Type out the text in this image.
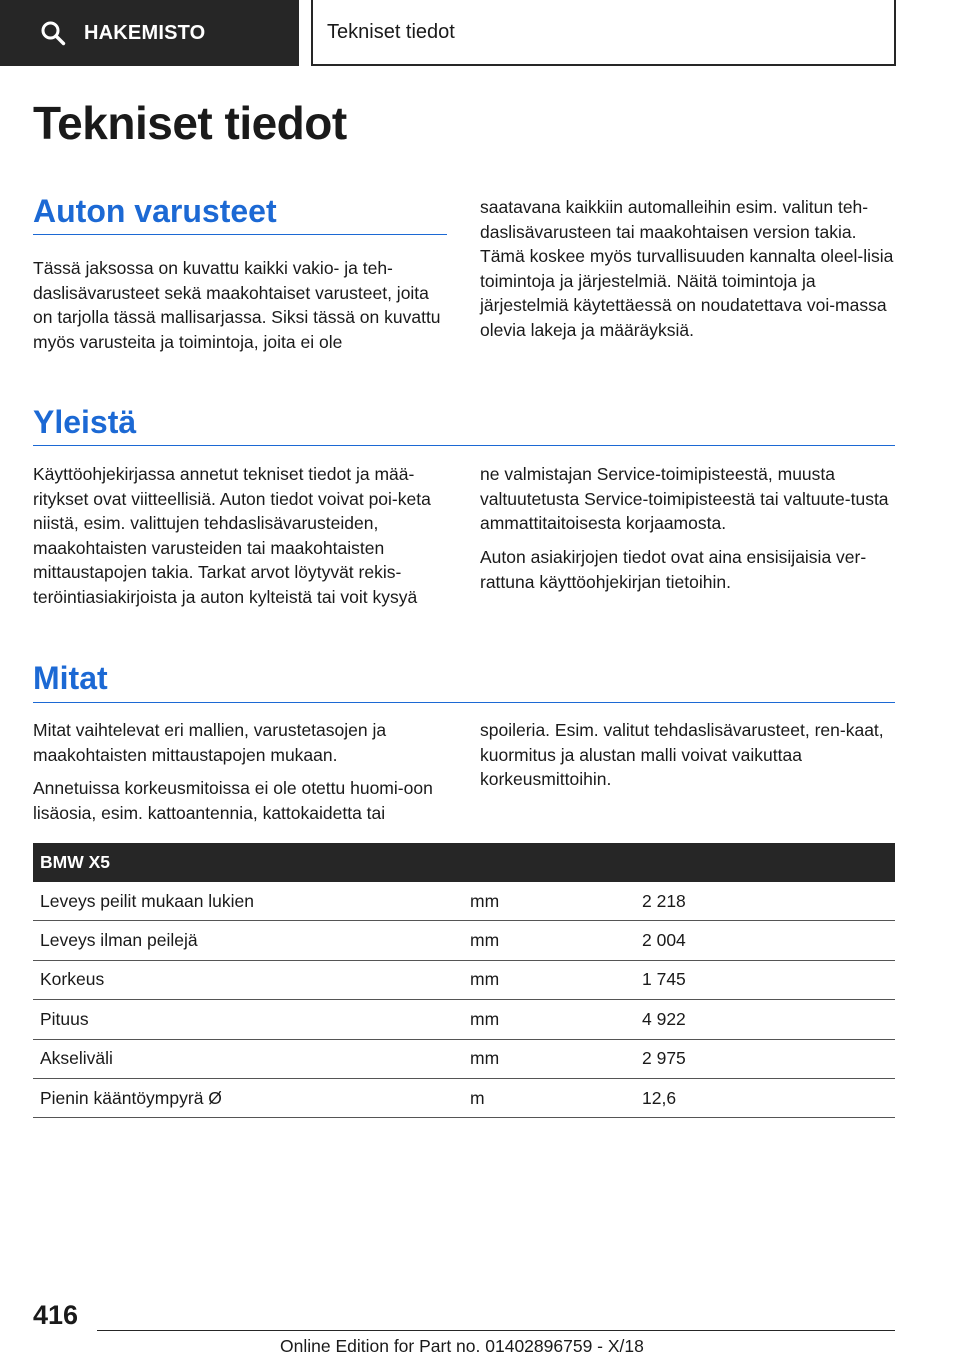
HAKEMISTO	Tekniset tiedot
Tekniset tiedot
Auton varusteet

Tässä jaksossa on kuvattu kaikki vakio- ja teh-daslisävarusteet sekä maakohtaiset varusteet, joita on tarjolla tässä mallisarjassa. Siksi tässä on kuvattu myös varusteita ja toimintoja, joita ei ole

saatavana kaikkiin automalleihin esim. valitun teh-daslisävarusteen tai maakohtaisen version takia. Tämä koskee myös turvallisuuden kannalta oleel-lisia toimintoja ja järjestelmiä. Näitä toimintoja ja järjestelmiä käytettäessä on noudatettava voi-massa olevia lakeja ja määräyksiä.

Yleistä

Käyttöohjekirjassa annetut tekniset tiedot ja mää-ritykset ovat viitteellisiä. Auton tiedot voivat poi-keta niistä, esim. valittujen tehdaslisävarusteiden, maakohtaisten varusteiden tai maakohtaisten mittaustapojen takia. Tarkat arvot löytyvät rekis-teröintiasiakirjoista ja auton kylteistä tai voit kysyä

ne valmistajan Service-toimipisteestä, muusta valtuutetusta Service-toimipisteestä tai valtuute-tusta ammattitaitoisesta korjaamosta.

Auton asiakirjojen tiedot ovat aina ensisijaisia ver-rattuna käyttöohjekirjan tietoihin.

Mitat

Mitat vaihtelevat eri mallien, varustetasojen ja maakohtaisten mittaustapojen mukaan.

Annetuissa korkeusmitoissa ei ole otettu huomi-oon lisäosia, esim. kattoantennia, kattokaidetta tai

spoileria. Esim. valitut tehdaslisävarusteet, ren-kaat, kuormitus ja alustan malli voivat vaikuttaa korkeusmittoihin.

BMW X5
Leveys peilit mukaan lukien	mm	2 218
Leveys ilman peilejä	mm	2 004
Korkeus	mm	1 745
Pituus	mm	4 922
Akseliväli	mm	2 975
Pienin kääntöympyrä Ø	m	12,6
416
Online Edition for Part no. 01402896759 - X/18
